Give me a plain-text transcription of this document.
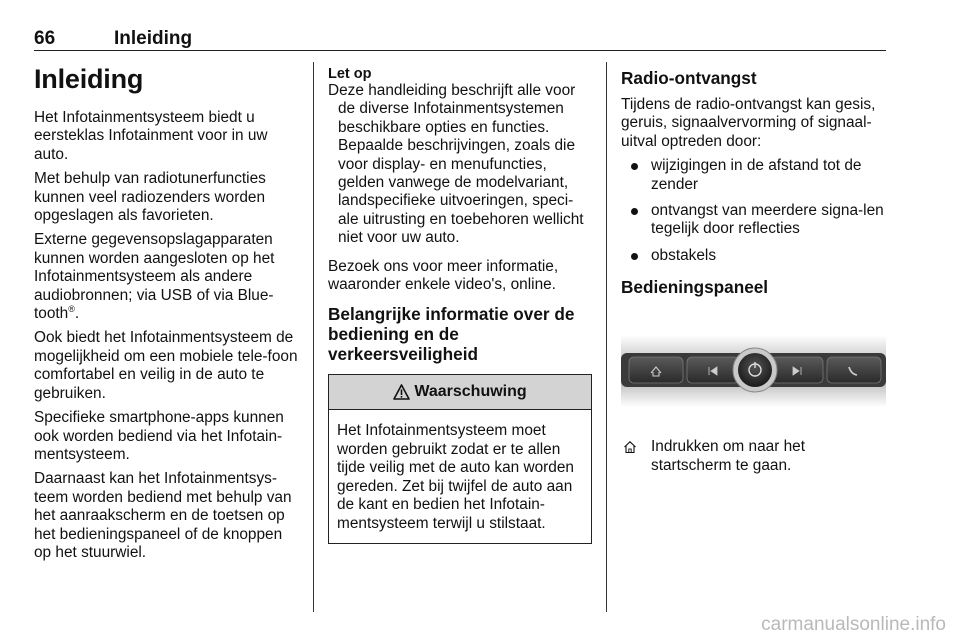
66	Inleiding
Inleiding

Het Infotainmentsysteem biedt u eersteklas Infotainment voor in uw auto.

Met behulp van radiotunerfuncties kunnen veel radiozenders worden opgeslagen als favorieten.

Externe gegevensopslagapparaten kunnen worden aangesloten op het Infotainmentsysteem als andere audiobronnen; via USB of via Blue-tooth®.

Ook biedt het Infotainmentsysteem de mogelijkheid om een mobiele tele-foon comfortabel en veilig in de auto te gebruiken.

Specifieke smartphone-apps kunnen ook worden bediend via het Infotain-mentsysteem.

Daarnaast kan het Infotainmentsys-teem worden bediend met behulp van het aanraakscherm en de toetsen op het bedieningspaneel of de knoppen op het stuurwiel.

Let op
Deze handleiding beschrijft alle voor
de diverse Infotainmentsystemen beschikbare opties en functies. Bepaalde beschrijvingen, zoals die voor display- en menufuncties, gelden vanwege de modelvariant, landspecifieke uitvoeringen, speci-ale uitrusting en toebehoren wellicht niet voor uw auto.

Bezoek ons voor meer informatie, waaronder enkele video's, online.

Belangrijke informatie over de bediening en de verkeersveiligheid
Waarschuwing
Het Infotainmentsysteem moet worden gebruikt zodat er te allen tijde veilig met de auto kan worden gereden. Zet bij twijfel de auto aan de kant en bedien het Infotain-mentsysteem terwijl u stilstaat.
Radio-ontvangst

Tijdens de radio-ontvangst kan gesis, geruis, signaalvervorming of signaal-uitval optreden door:

wijzigingen in de afstand tot de zender
ontvangst van meerdere signa-len tegelijk door reflecties
obstakels
Bedieningspaneel
Indrukken om naar het startscherm te gaan.
carmanualsonline.info
